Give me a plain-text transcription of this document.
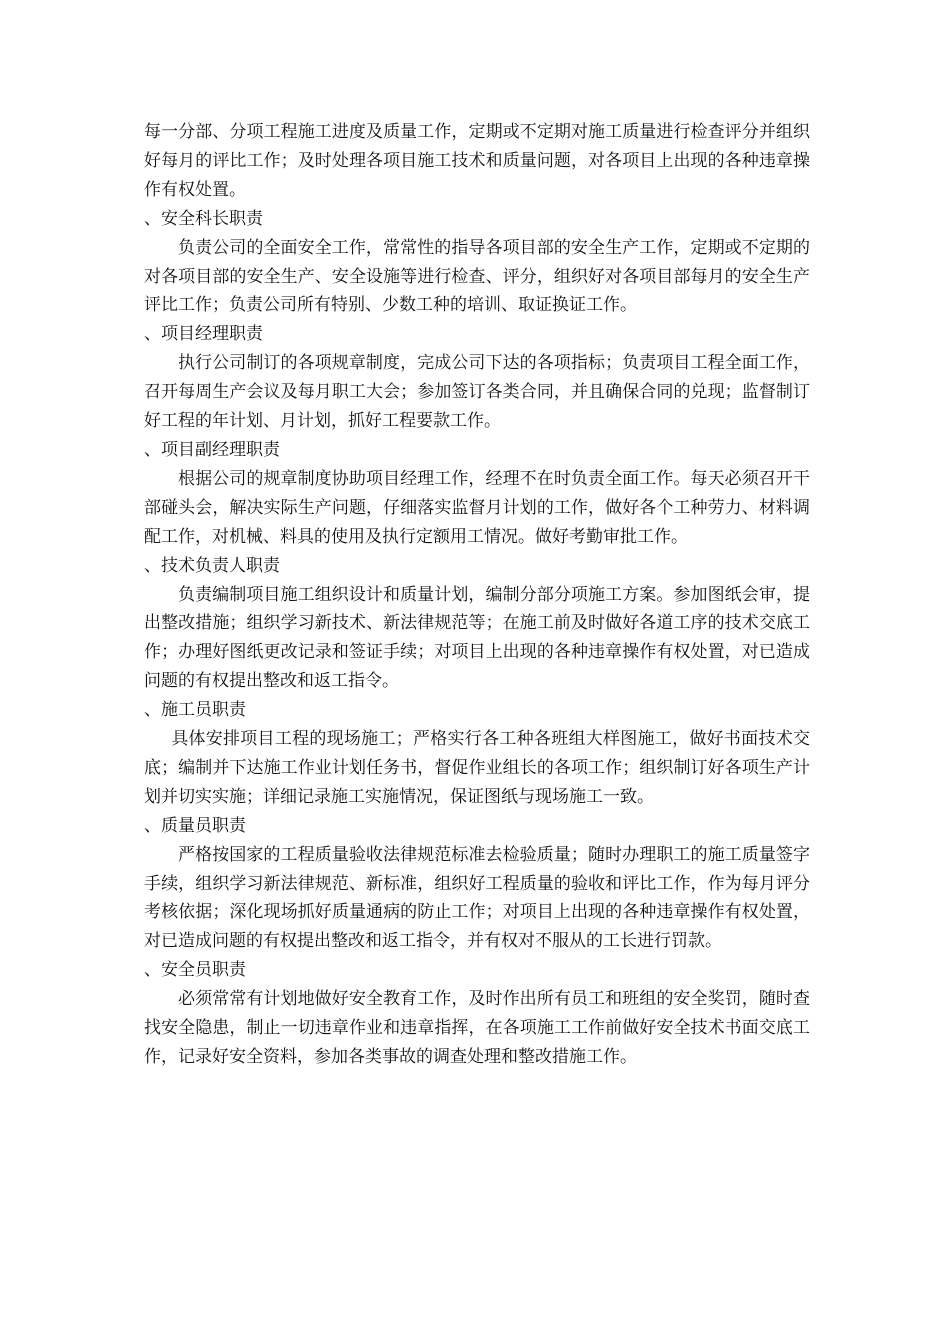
每一分部、分项工程施工进度及质量工作，定期或不定期对施工质量进行检查评分并组织好每月的评比工作；及时处理各项目施工技术和质量问题，对各项目上出现的各种违章操作有权处置。

、安全科长职责

负责公司的全面安全工作，常常性的指导各项目部的安全生产工作，定期或不定期的对各项目部的安全生产、安全设施等进行检查、评分，组织好对各项目部每月的安全生产评比工作；负责公司所有特别、少数工种的培训、取证换证工作。

、项目经理职责

执行公司制订的各项规章制度，完成公司下达的各项指标；负责项目工程全面工作，召开每周生产会议及每月职工大会；参加签订各类合同，并且确保合同的兑现；监督制订好工程的年计划、月计划，抓好工程要款工作。

、项目副经理职责

根据公司的规章制度协助项目经理工作，经理不在时负责全面工作。每天必须召开干部碰头会，解决实际生产问题，仔细落实监督月计划的工作，做好各个工种劳力、材料调配工作，对机械、料具的使用及执行定额用工情况。做好考勤审批工作。

、技术负责人职责

负责编制项目施工组织设计和质量计划，编制分部分项施工方案。参加图纸会审，提出整改措施；组织学习新技术、新法律规范等；在施工前及时做好各道工序的技术交底工作；办理好图纸更改记录和签证手续；对项目上出现的各种违章操作有权处置，对已造成问题的有权提出整改和返工指令。

、施工员职责

具体安排项目工程的现场施工；严格实行各工种各班组大样图施工，做好书面技术交底；编制并下达施工作业计划任务书，督促作业组长的各项工作；组织制订好各项生产计划并切实实施；详细记录施工实施情况，保证图纸与现场施工一致。

、质量员职责

严格按国家的工程质量验收法律规范标准去检验质量；随时办理职工的施工质量签字手续，组织学习新法律规范、新标准，组织好工程质量的验收和评比工作，作为每月评分考核依据；深化现场抓好质量通病的防止工作；对项目上出现的各种违章操作有权处置，对已造成问题的有权提出整改和返工指令，并有权对不服从的工长进行罚款。

、安全员职责

必须常常有计划地做好安全教育工作，及时作出所有员工和班组的安全奖罚，随时查找安全隐患，制止一切违章作业和违章指挥，在各项施工工作前做好安全技术书面交底工作，记录好安全资料，参加各类事故的调查处理和整改措施工作。
